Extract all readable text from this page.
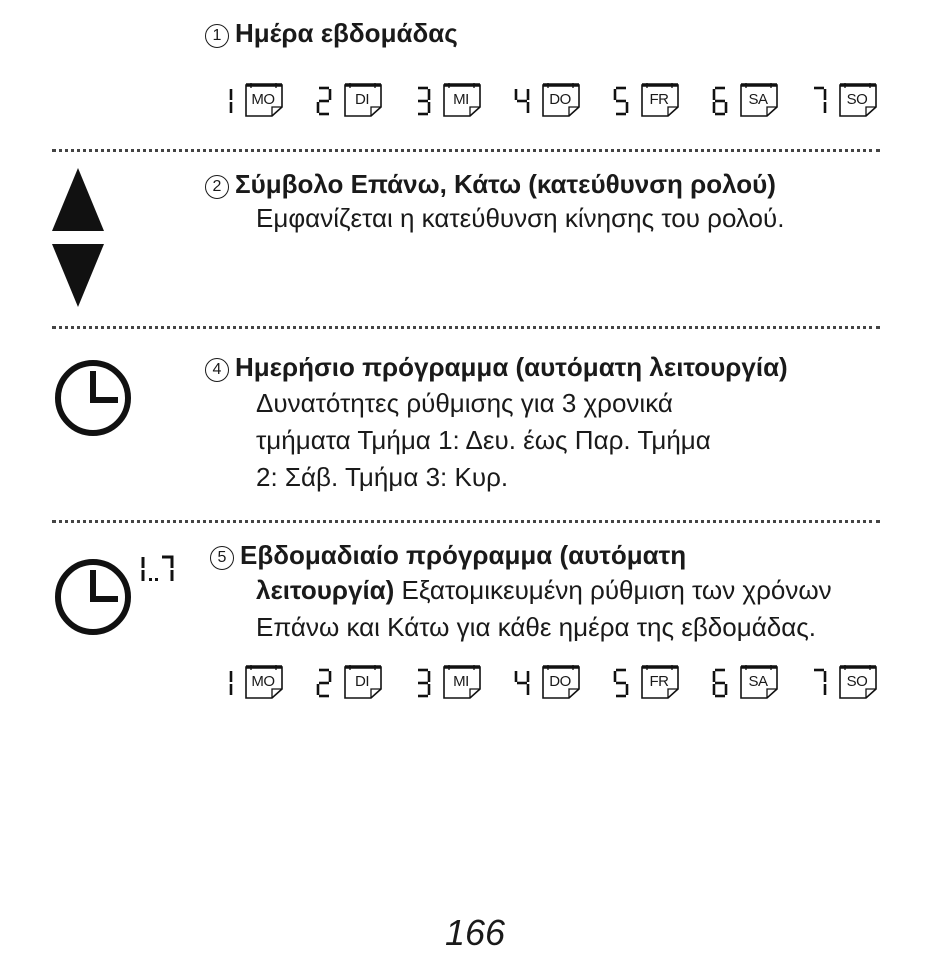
1 Ημέρα εβδομάδας
MO	DI	MI	DO	FR	SA	SO
2 Σύμβολο Επάνω, Κάτω (κατεύθυνση ρολού)
Εμφανίζεται η κατεύθυνση κίνησης του ρολού.
4 Ημερήσιο πρόγραμμα (αυτόματη λειτουργία)
Δυνατότητες ρύθμισης για 3 χρονικά
τμήματα Τμήμα 1: Δευ. έως Παρ. Τμήμα
2: Σάβ. Τμήμα 3: Κυρ.
5 Εβδομαδιαίο πρόγραμμα (αυτόματη
λειτουργία) Εξατομικευμένη ρύθμιση των χρόνων
Επάνω και Κάτω για κάθε ημέρα της εβδομάδας.
MO	DI	MI	DO	FR	SA	SO
166
